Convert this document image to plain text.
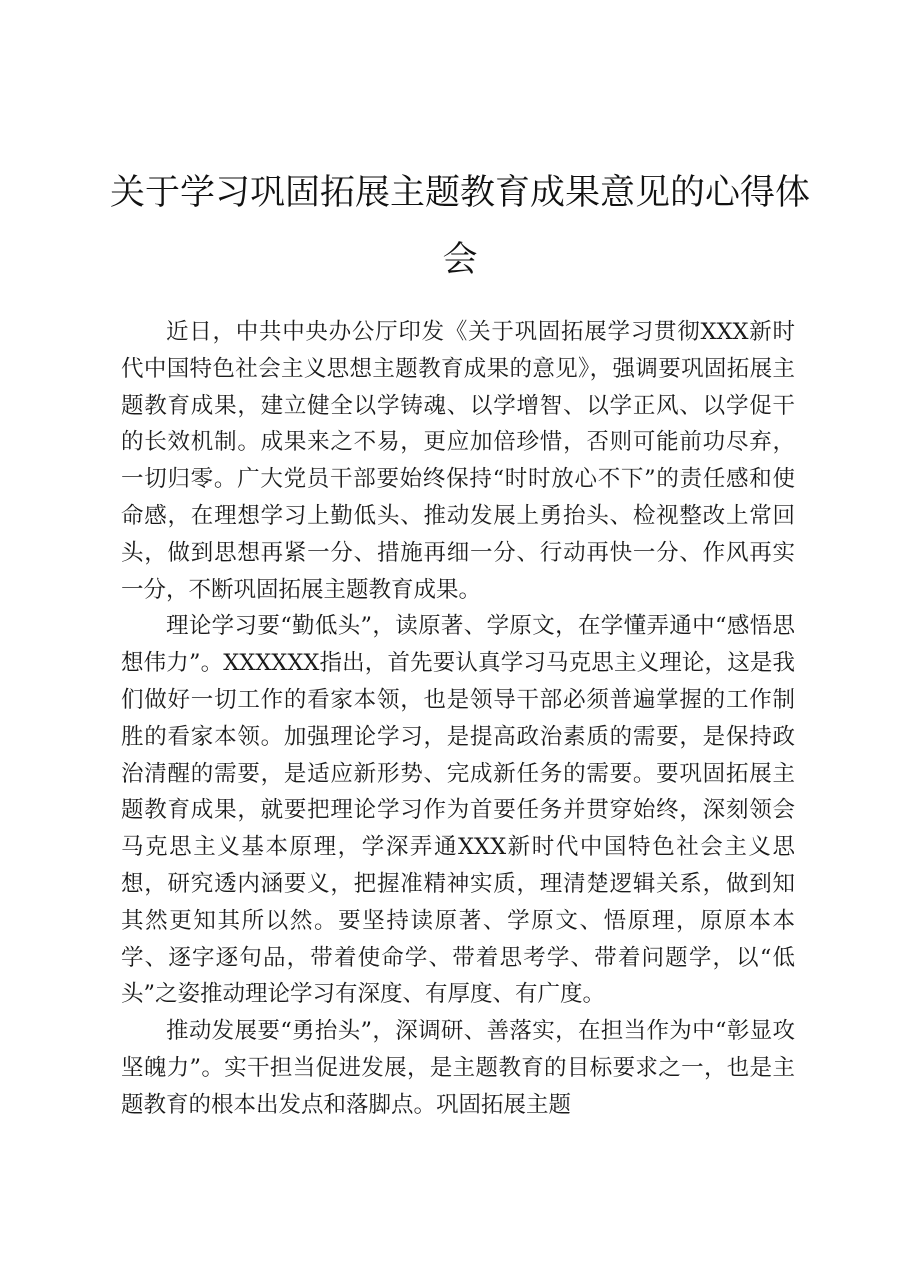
关于学习巩固拓展主题教育成果意见的心得体会

近日，中共中央办公厅印发《关于巩固拓展学习贯彻XXX新时代中国特色社会主义思想主题教育成果的意见》，强调要巩固拓展主题教育成果，建立健全以学铸魂、以学增智、以学正风、以学促干的长效机制。成果来之不易，更应加倍珍惜，否则可能前功尽弃，一切归零。广大党员干部要始终保持“时时放心不下”的责任感和使命感，在理想学习上勤低头、推动发展上勇抬头、检视整改上常回头，做到思想再紧一分、措施再细一分、行动再快一分、作风再实一分，不断巩固拓展主题教育成果。

理论学习要“勤低头”，读原著、学原文，在学懂弄通中“感悟思想伟力”。XXXXXX指出，首先要认真学习马克思主义理论，这是我们做好一切工作的看家本领，也是领导干部必须普遍掌握的工作制胜的看家本领。加强理论学习，是提高政治素质的需要，是保持政治清醒的需要，是适应新形势、完成新任务的需要。要巩固拓展主题教育成果，就要把理论学习作为首要任务并贯穿始终，深刻领会马克思主义基本原理，学深弄通XXX新时代中国特色社会主义思想，研究透内涵要义，把握准精神实质，理清楚逻辑关系，做到知其然更知其所以然。要坚持读原著、学原文、悟原理，原原本本学、逐字逐句品，带着使命学、带着思考学、带着问题学，以“低头”之姿推动理论学习有深度、有厚度、有广度。

推动发展要“勇抬头”，深调研、善落实，在担当作为中“彰显攻坚魄力”。实干担当促进发展，是主题教育的目标要求之一，也是主题教育的根本出发点和落脚点。巩固拓展主题
